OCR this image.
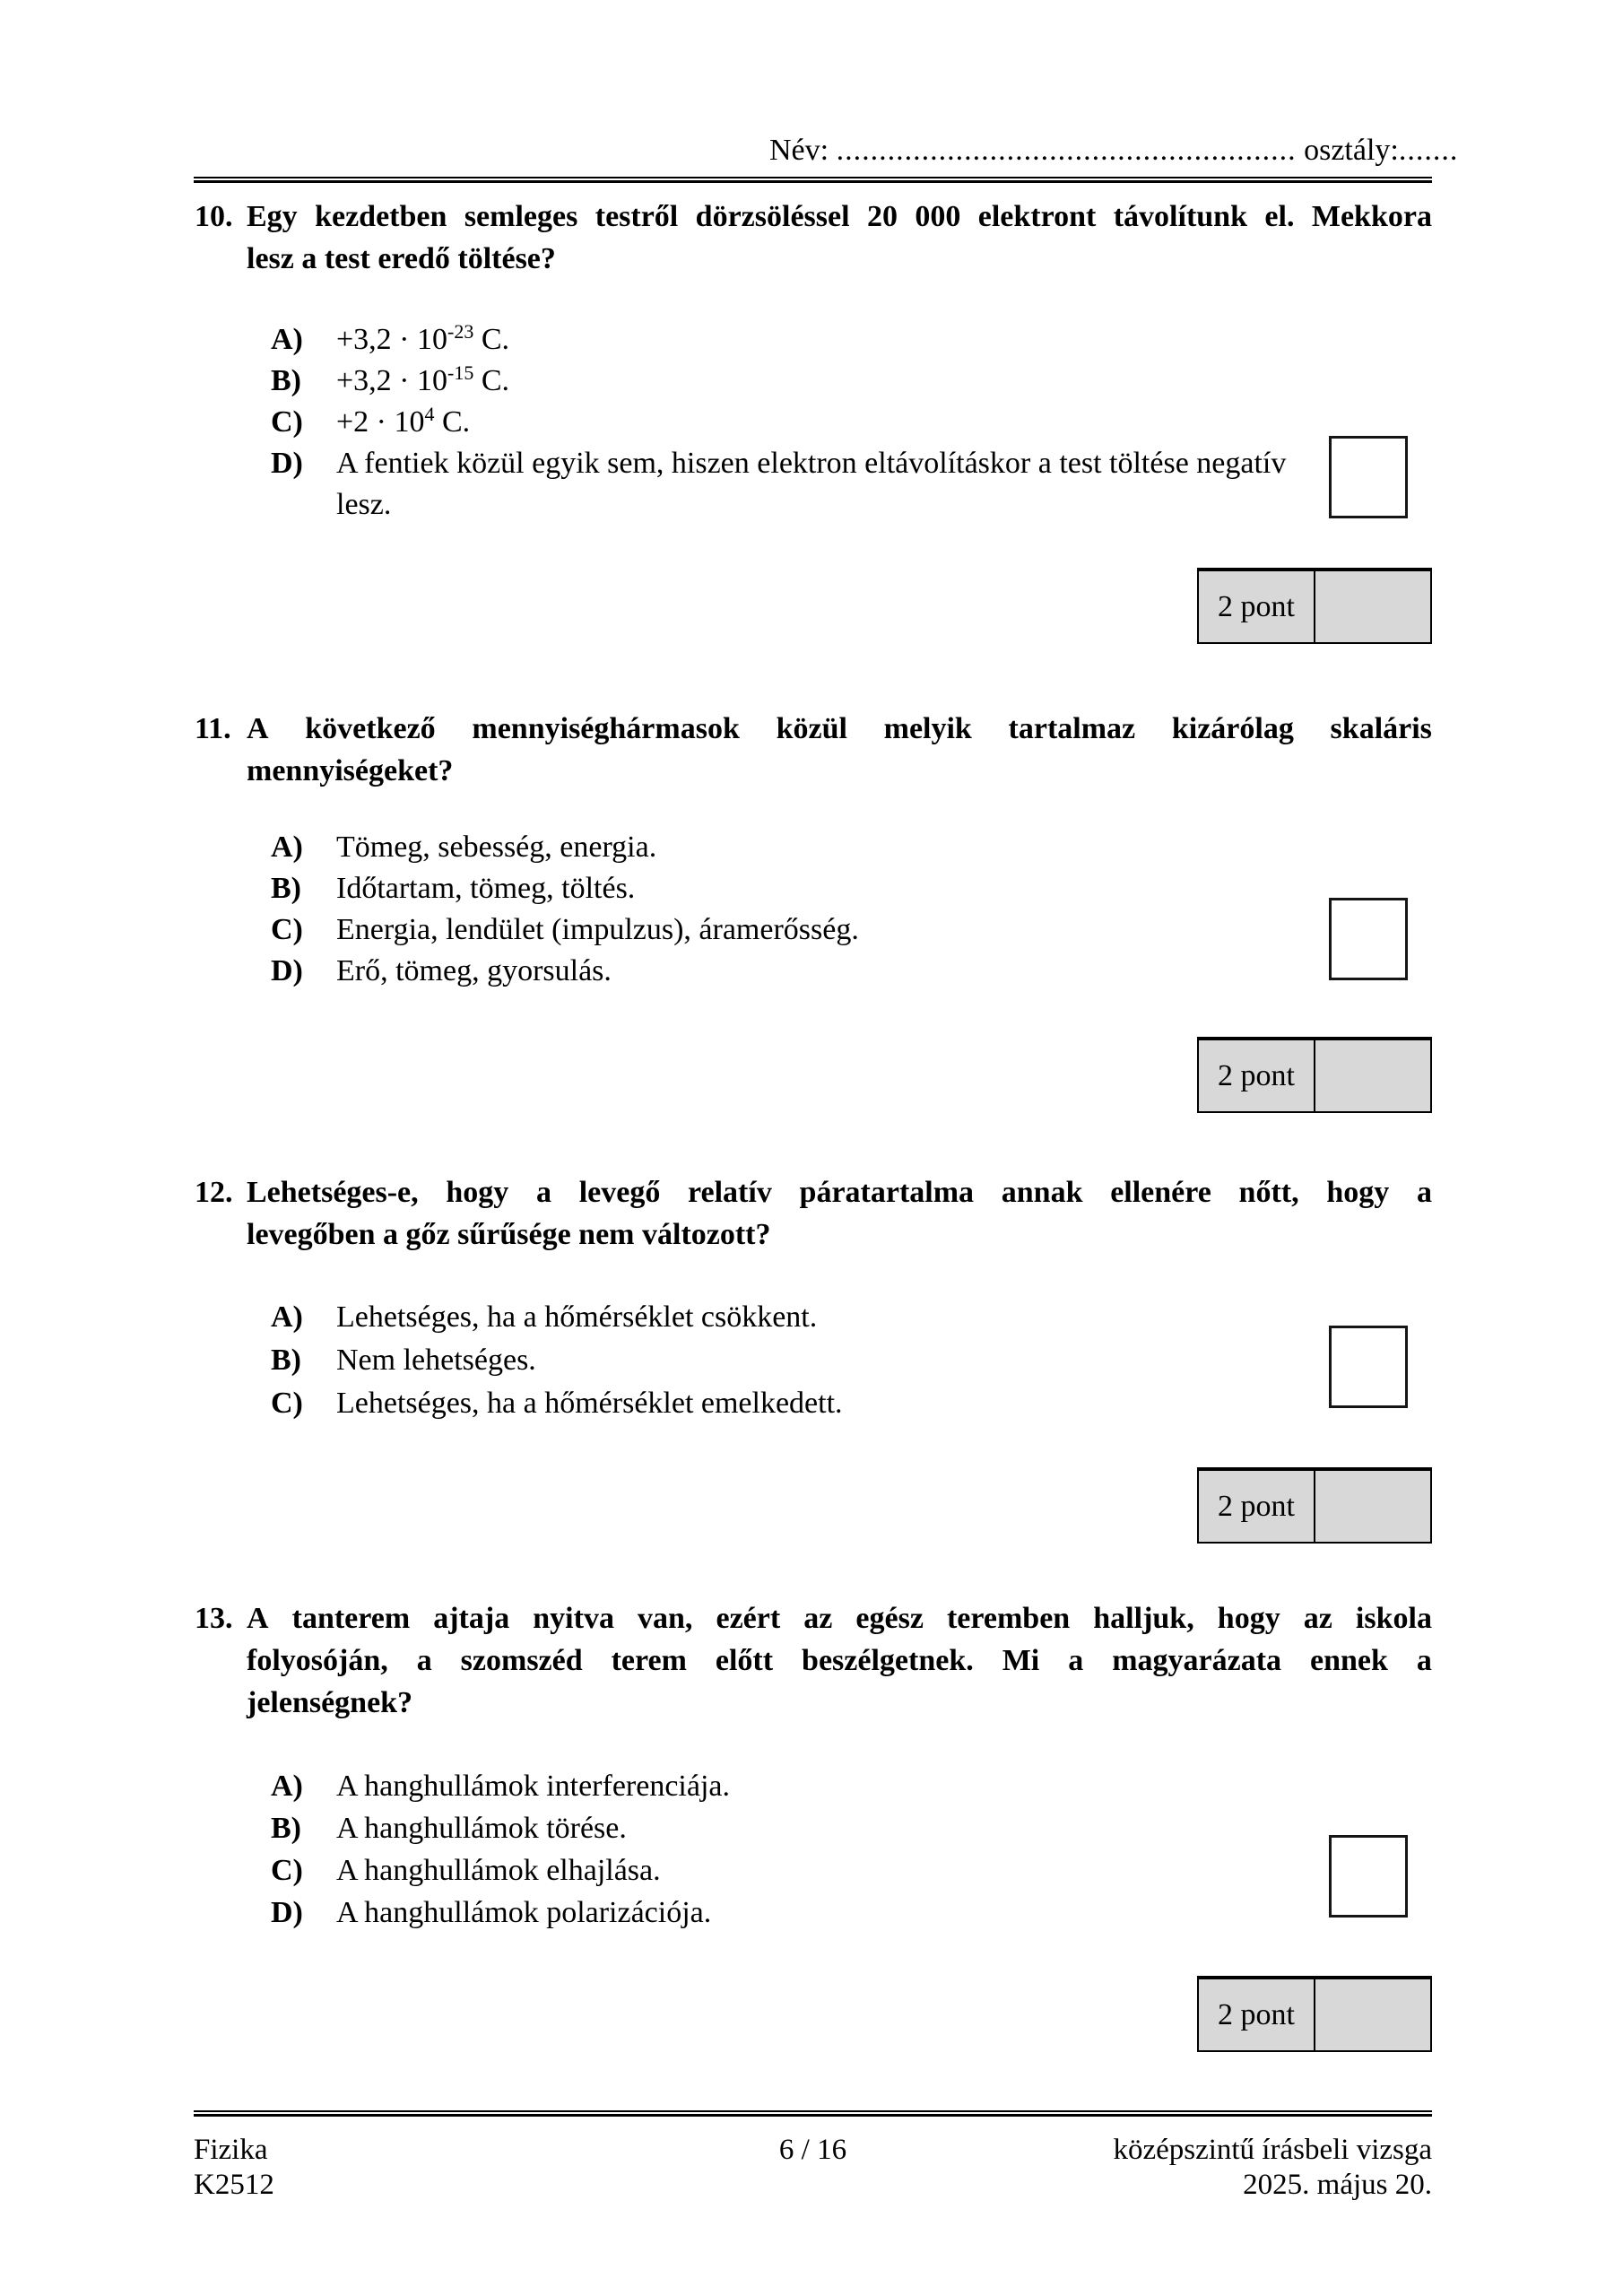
Név: ...................................................... osztály:.......
10. Egy kezdetben semleges testről dörzsöléssel 20 000 elektront távolítunk el. Mekkora
lesz a test eredő töltése?
A)	$+3,2 \cdot 10^{-23}$ C.
B)	$+3,2 \cdot 10^{-15}$ C.
C)	$+2 \cdot 10^4$ C.
D)	A fentiek közül egyik sem, hiszen elektron eltávolításkor a test töltése negatív lesz.
2 pont
11. A következő mennyiséghármasok közül melyik tartalmaz kizárólag skaláris
mennyiségeket?
A)	Tömeg, sebesség, energia.
B)	Időtartam, tömeg, töltés.
C)	Energia, lendület (impulzus), áramerősség.
D)	Erő, tömeg, gyorsulás.
2 pont
12. Lehetséges-e, hogy a levegő relatív páratartalma annak ellenére nőtt, hogy a
levegőben a gőz sűrűsége nem változott?
A)	Lehetséges, ha a hőmérséklet csökkent.
B)	Nem lehetséges.
C)	Lehetséges, ha a hőmérséklet emelkedett.
2 pont
13. A tanterem ajtaja nyitva van, ezért az egész teremben halljuk, hogy az iskola
folyosóján, a szomszéd terem előtt beszélgetnek. Mi a magyarázata ennek a
jelenségnek?
A)	A hanghullámok interferenciája.
B)	A hanghullámok törése.
C)	A hanghullámok elhajlása.
D)	A hanghullámok polarizációja.
2 pont
Fizika
K2512
6 / 16	középszintű írásbeli vizsga
2025. május 20.
